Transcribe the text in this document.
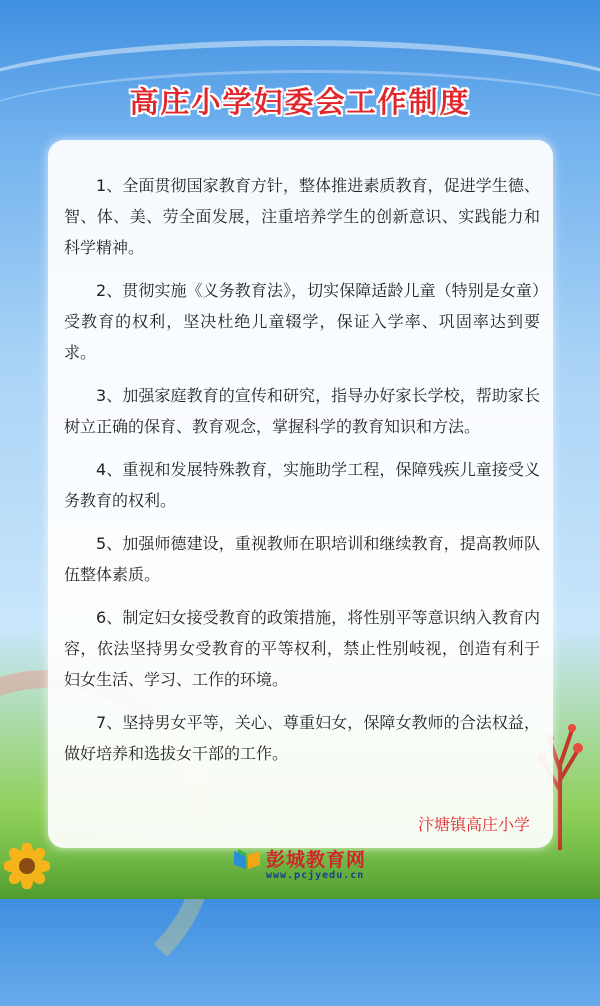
高庄小学妇委会工作制度

1、全面贯彻国家教育方针，整体推进素质教育，促进学生德、智、体、美、劳全面发展，注重培养学生的创新意识、实践能力和科学精神。

2、贯彻实施《义务教育法》，切实保障适龄儿童（特别是女童）受教育的权利，坚决杜绝儿童辍学，保证入学率、巩固率达到要求。

3、加强家庭教育的宣传和研究，指导办好家长学校，帮助家长树立正确的保育、教育观念，掌握科学的教育知识和方法。

4、重视和发展特殊教育，实施助学工程，保障残疾儿童接受义务教育的权利。

5、加强师德建设，重视教师在职培训和继续教育，提高教师队伍整体素质。

6、制定妇女接受教育的政策措施，将性别平等意识纳入教育内容，依法坚持男女受教育的平等权利，禁止性别岐视，创造有利于妇女生活、学习、工作的环境。

7、坚持男女平等，关心、尊重妇女，保障女教师的合法权益，做好培养和选拔女干部的工作。

汴塘镇高庄小学
彭城教育网
www.pcjyedu.cn
